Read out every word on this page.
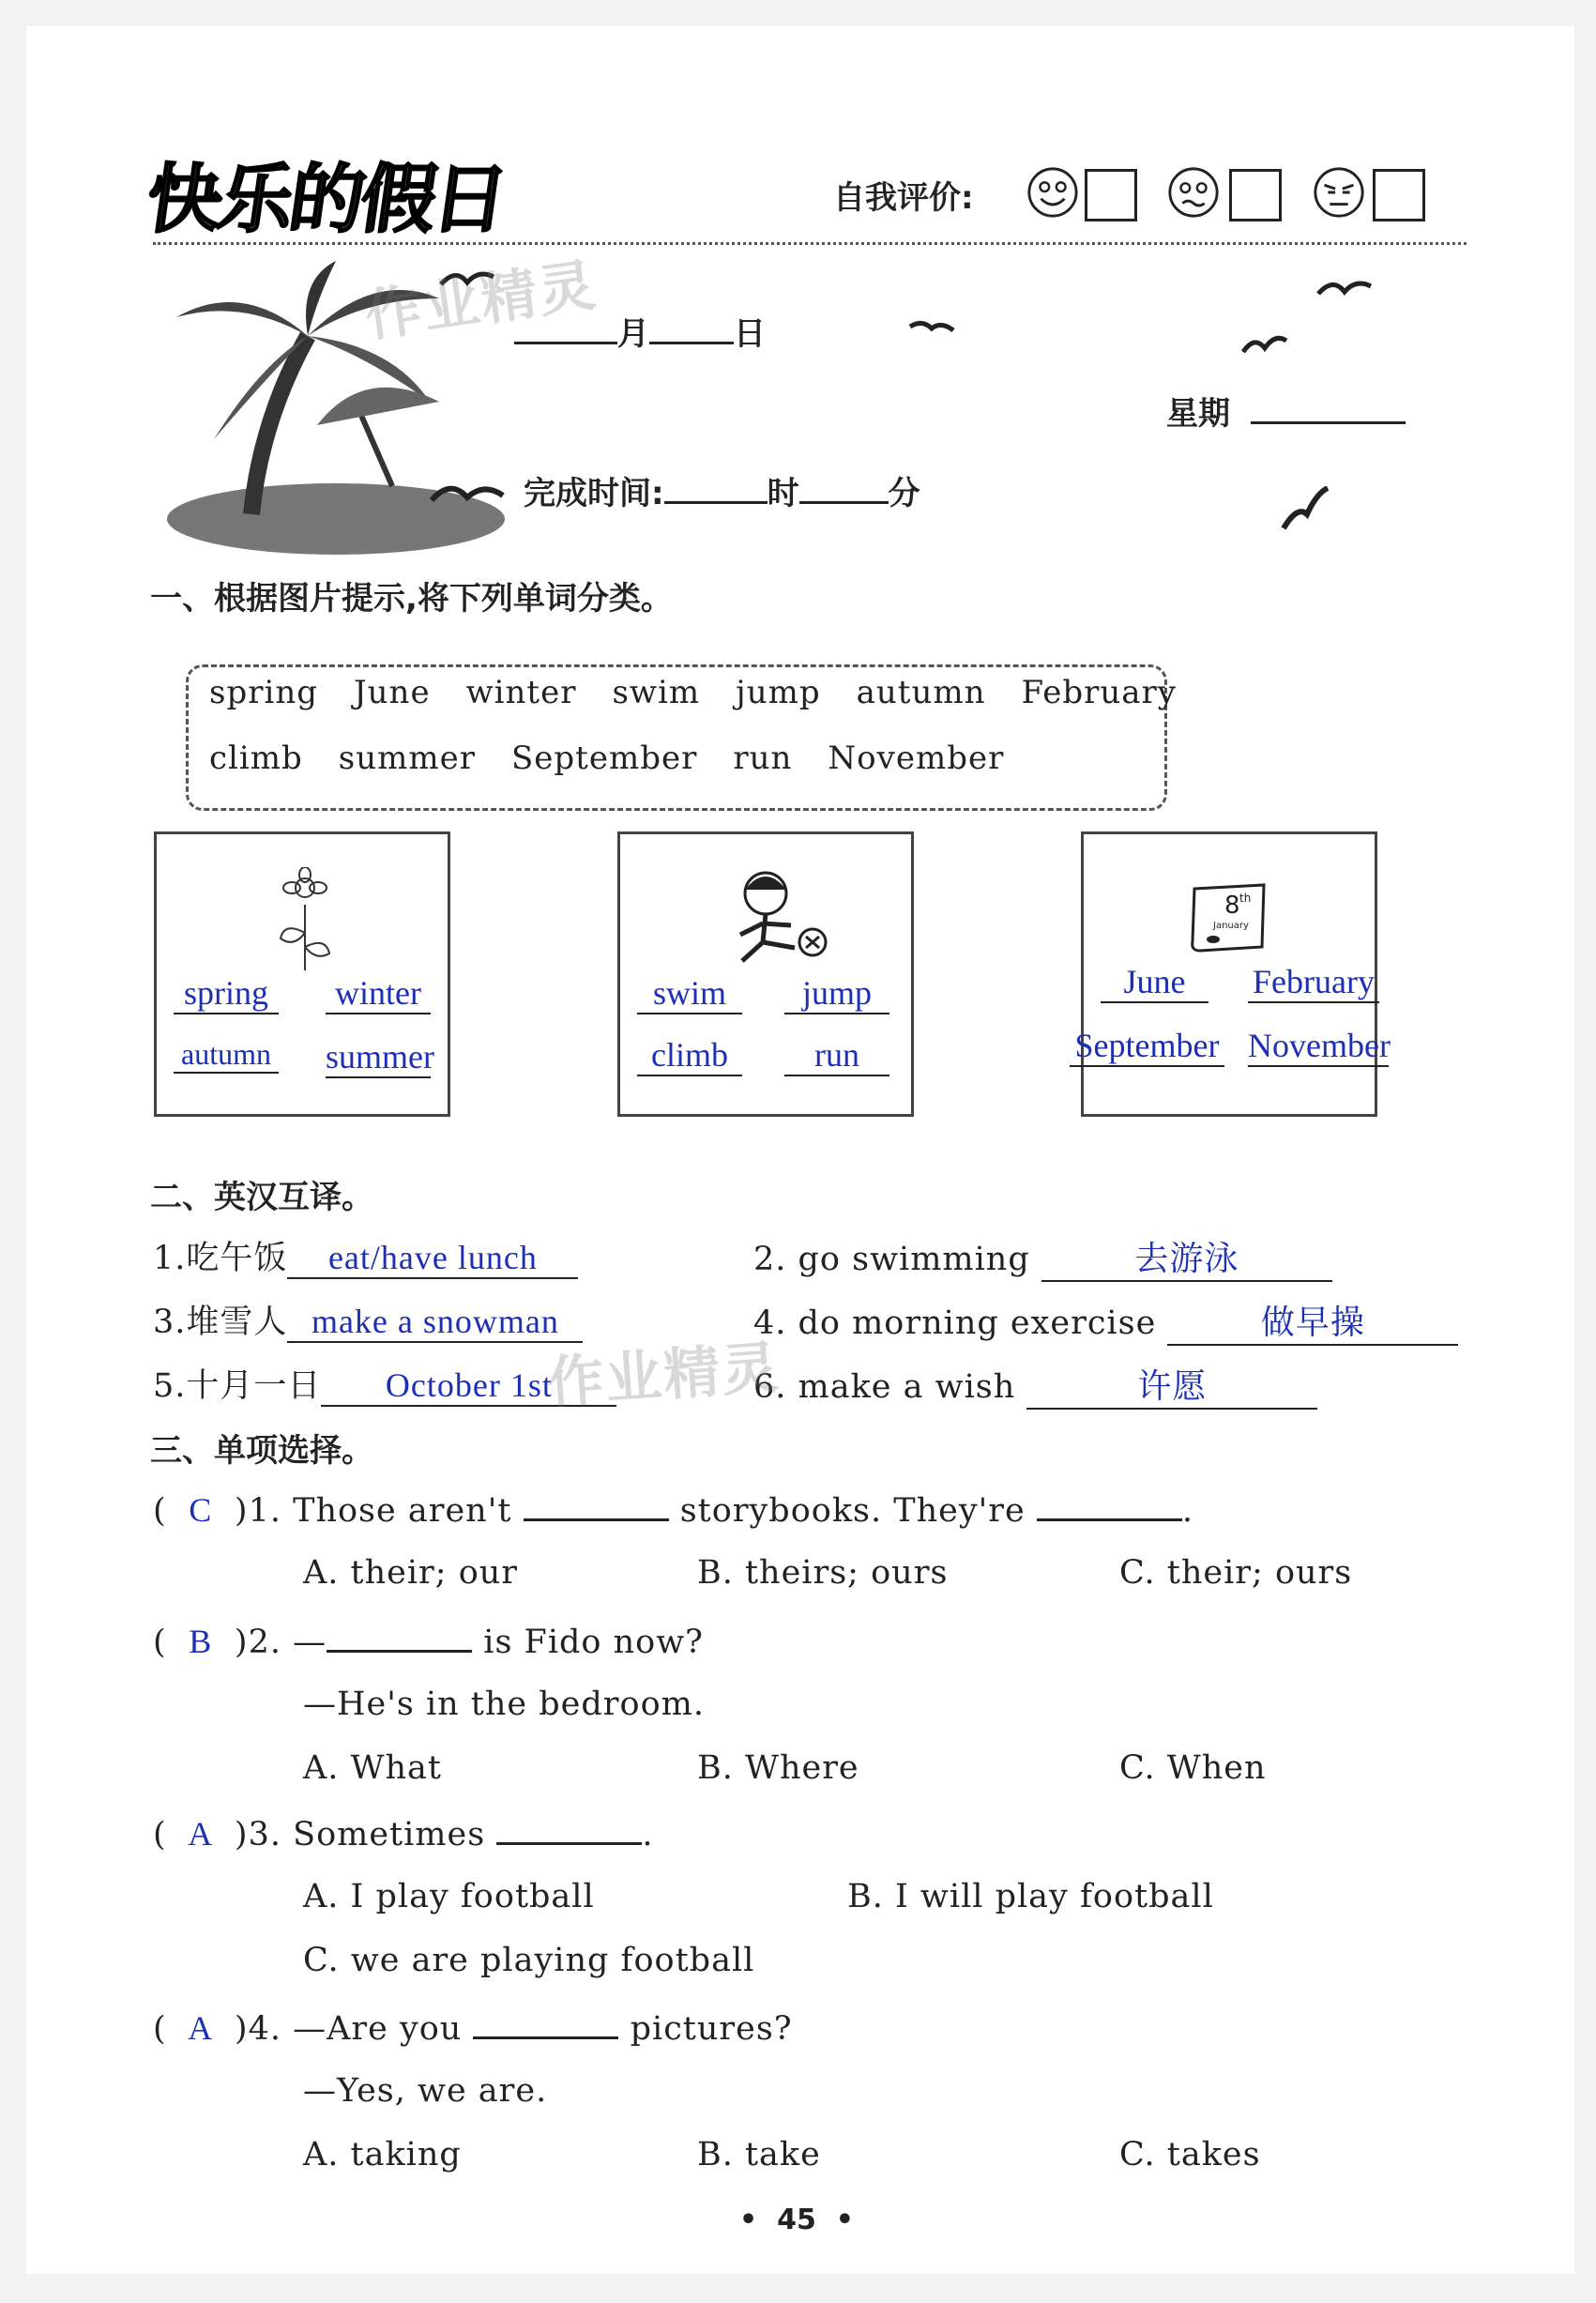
快乐的假日	自我评价:
作业精灵 月	日
星期
完成时间:	时	分
一、根据图片提示,将下列单词分类。
spring June winter swim jump autumn February
climb summer September run November
spring	winter
autumn summer
swim	jump
climb	run
8 th
January
June	February
September November
二、英汉互译。
1.吃午饭 eat/have lunch	2. go swimming	去游泳
3.堆雪人 make a snowman	4. do morning exercise	做早操
5.十月一日 October 1st	6. make a wish	许愿
作业精灵
三、单项选择。
( C )1. Those aren't	storybooks. They're	.
A. their; our	B. theirs; ours	C. their; ours
( B )2. —	is Fido now?
—He's in the bedroom.
A. What	B. Where	C. When
( A )3. Sometimes	.
A. I play football	B. I will play football
C. we are playing football
( A )4. —Are you	pictures?
—Yes, we are.
A. taking	B. take	C. takes
•  45  •
